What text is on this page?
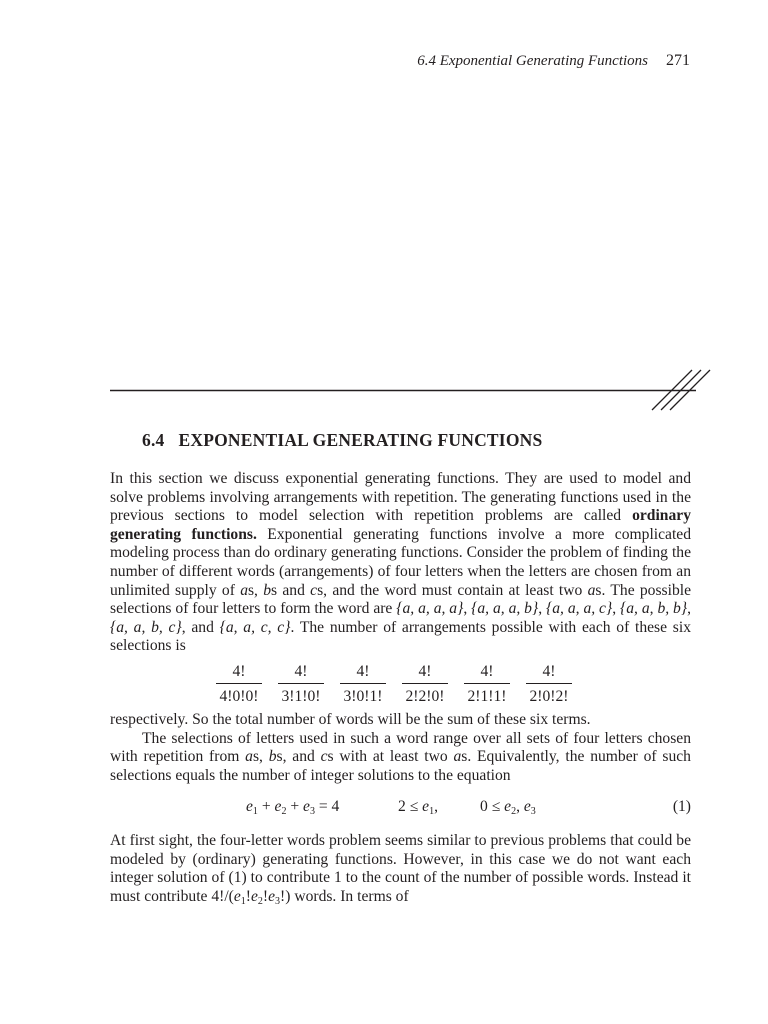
6.4 Exponential Generating Functions 271
6.4 EXPONENTIAL GENERATING FUNCTIONS

In this section we discuss exponential generating functions. They are used to model and solve problems involving arrangements with repetition. The generating functions used in the previous sections to model selection with repetition problems are called ordinary generating functions. Exponential generating functions involve a more complicated modeling process than do ordinary generating functions. Consider the problem of finding the number of different words (arrangements) of four letters when the letters are chosen from an unlimited supply of as, bs and cs, and the word must contain at least two as. The possible selections of four letters to form the word are {a, a, a, a}, {a, a, a, b}, {a, a, a, c}, {a, a, b, b}, {a, a, b, c}, and {a, a, c, c}. The number of arrangements possible with each of these six selections is

$\frac{4!}{4!0!0!} \frac{4!}{3!1!0!} \frac{4!}{3!0!1!} \frac{4!}{2!2!0!} \frac{4!}{2!1!1!} \frac{4!}{2!0!2!}$

respectively. So the total number of words will be the sum of these six terms.

The selections of letters used in such a word range over all sets of four letters chosen with repetition from as, bs, and cs with at least two as. Equivalently, the number of such selections equals the number of integer solutions to the equation

$e_1 + e_2 + e_3 = 4$	$2 \le e_1$,	$0 \le e_2$, $e_3$	(1)

At first sight, the four-letter words problem seems similar to previous problems that could be modeled by (ordinary) generating functions. However, in this case we do not want each integer solution of (1) to contribute 1 to the count of the number of possible words. Instead it must contribute $4!/(e_1!e_2!e_3!)$ words. In terms of
